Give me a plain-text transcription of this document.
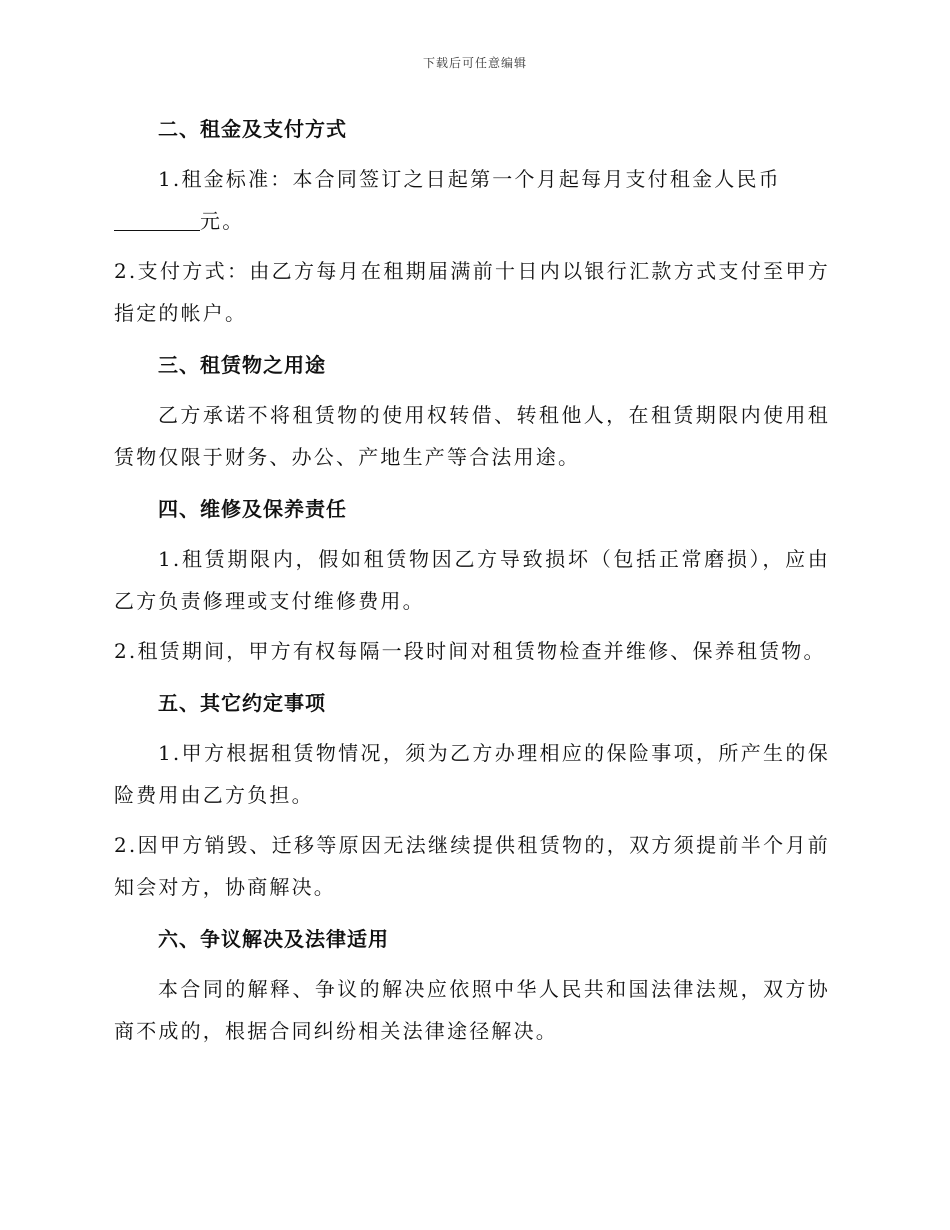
下载后可任意编辑
二、租金及支付方式

1.租金标准：本合同签订之日起第一个月起每月支付租金人民币
元。

2.支付方式：由乙方每月在租期届满前十日内以银行汇款方式支付至甲方指定的帐户。

三、租赁物之用途

乙方承诺不将租赁物的使用权转借、转租他人，在租赁期限内使用租赁物仅限于财务、办公、产地生产等合法用途。

四、维修及保养责任

1.租赁期限内，假如租赁物因乙方导致损坏（包括正常磨损），应由乙方负责修理或支付维修费用。

2.租赁期间，甲方有权每隔一段时间对租赁物检查并维修、保养租赁物。

五、其它约定事项

1.甲方根据租赁物情况，须为乙方办理相应的保险事项，所产生的保险费用由乙方负担。

2.因甲方销毁、迁移等原因无法继续提供租赁物的，双方须提前半个月前知会对方，协商解决。

六、争议解决及法律适用

本合同的解释、争议的解决应依照中华人民共和国法律法规，双方协商不成的，根据合同纠纷相关法律途径解决。
